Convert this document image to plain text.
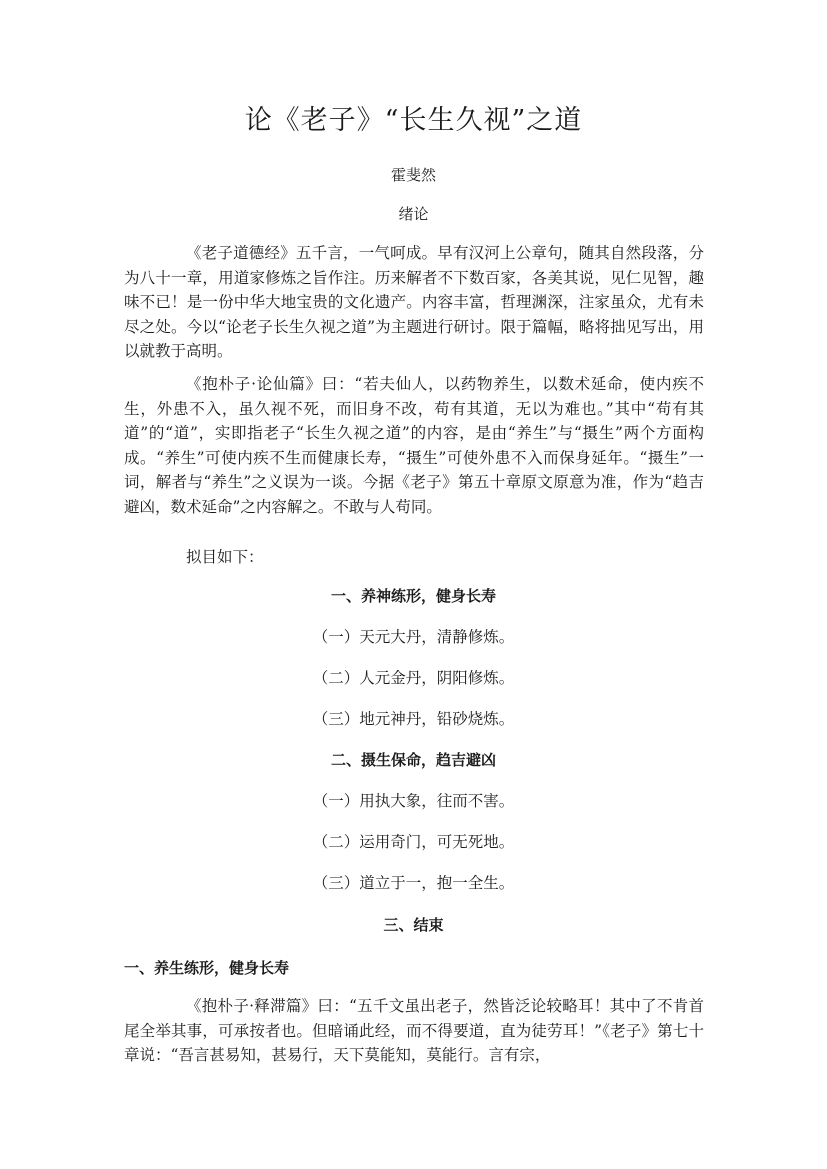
论《老子》“长生久视”之道
霍斐然
绪论

《老子道德经》五千言，一气呵成。早有汉河上公章句，随其自然段落，分为八十一章，用道家修炼之旨作注。历来解者不下数百家，各美其说，见仁见智，趣味不已！是一份中华大地宝贵的文化遗产。内容丰富，哲理渊深，注家虽众，尤有未尽之处。今以“论老子长生久视之道”为主题进行研讨。限于篇幅，略将拙见写出，用以就教于高明。

《抱朴子·论仙篇》曰：“若夫仙人，以药物养生，以数术延命，使内疾不生，外患不入，虽久视不死，而旧身不改，苟有其道，无以为难也。”其中“苟有其道”的“道”，实即指老子“长生久视之道”的内容，是由“养生”与“摄生”两个方面构成。“养生”可使内疾不生而健康长寿，“摄生”可使外患不入而保身延年。“摄生”一词，解者与“养生”之义误为一谈。今据《老子》第五十章原文原意为准，作为“趋吉避凶，数术延命”之内容解之。不敢与人苟同。

拟目如下：
一、养神练形，健身长寿
（一）天元大丹，清静修炼。
（二）人元金丹，阴阳修炼。
（三）地元神丹，铅砂烧炼。
二、摄生保命，趋吉避凶
（一）用执大象，往而不害。
（二）运用奇门，可无死地。
（三）道立于一，抱一全生。
三、结束
一、养生练形，健身长寿

《抱朴子·释滞篇》曰：“五千文虽出老子，然皆泛论较略耳！其中了不肯首尾全举其事，可承按者也。但暗诵此经，而不得要道，直为徒劳耳！”《老子》第七十章说：“吾言甚易知，甚易行，天下莫能知，莫能行。言有宗，
